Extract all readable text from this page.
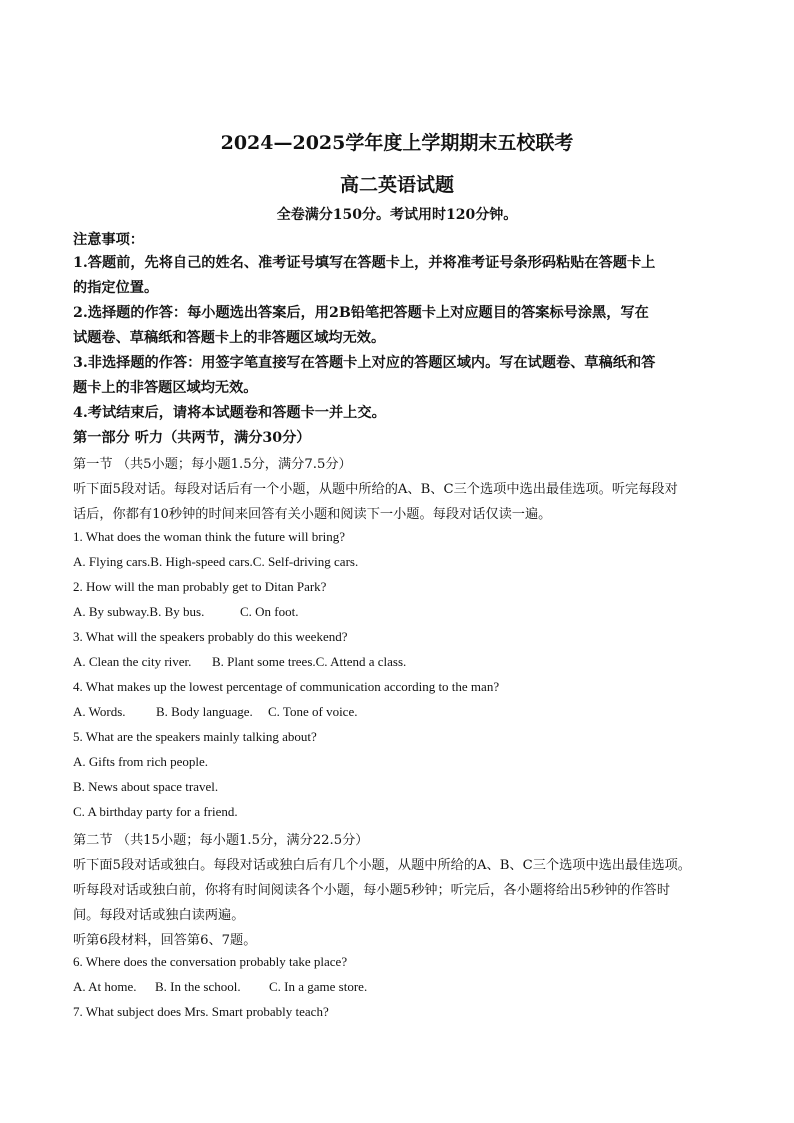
2024—2025学年度上学期期末五校联考
高二英语试题
全卷满分150分。考试用时120分钟。
注意事项：
1.答题前，先将自己的姓名、准考证号填写在答题卡上，并将准考证号条形码粘贴在答题卡上
的指定位置。
2.选择题的作答：每小题选出答案后，用2B铅笔把答题卡上对应题目的答案标号涂黑，写在
试题卷、草稿纸和答题卡上的非答题区域均无效。
3.非选择题的作答：用签字笔直接写在答题卡上对应的答题区域内。写在试题卷、草稿纸和答
题卡上的非答题区域均无效。
4.考试结束后，请将本试题卷和答题卡一并上交。
第一部分 听力（共两节，满分30分）
第一节 （共5小题；每小题1.5分，满分7.5分）
听下面5段对话。每段对话后有一个小题，从题中所给的A、B、C三个选项中选出最佳选项。听完每段对
话后，你都有10秒钟的时间来回答有关小题和阅读下一小题。每段对话仅读一遍。
1. What does the woman think the future will bring?
A. Flying cars.B. High-speed cars.C. Self-driving cars.
2. How will the man probably get to Ditan Park?
A. By subway.B. By bus.	C. On foot.
3. What will the speakers probably do this weekend?
A. Clean the city river. B. Plant some trees.C. Attend a class.
4. What makes up the lowest percentage of communication according to the man?
A. Words. B. Body language. C. Tone of voice.
5. What are the speakers mainly talking about?
A. Gifts from rich people.
B. News about space travel.
C. A birthday party for a friend.
第二节 （共15小题；每小题1.5分，满分22.5分）
听下面5段对话或独白。每段对话或独白后有几个小题，从题中所给的A、B、C三个选项中选出最佳选项。
听每段对话或独白前，你将有时间阅读各个小题，每小题5秒钟；听完后，各小题将给出5秒钟的作答时
间。每段对话或独白读两遍。
听第6段材料，回答第6、7题。
6. Where does the conversation probably take place?
A. At home. B. In the school. C. In a game store.
7. What subject does Mrs. Smart probably teach?
